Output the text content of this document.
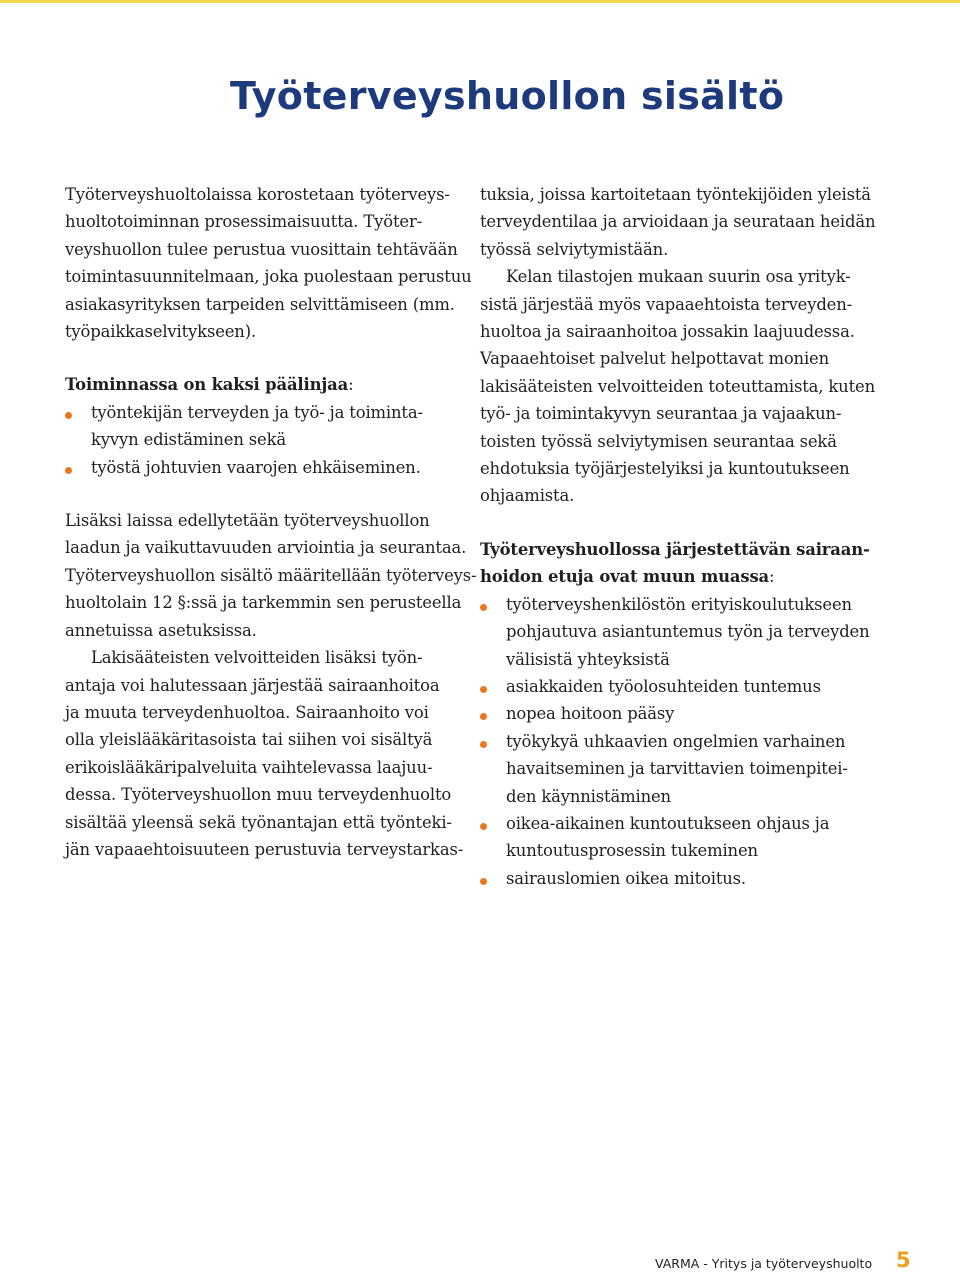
Työterveyshuollon sisältö
Työterveyshuoltolaissa korostetaan työterveys-
huoltotoiminnan prosessimaisuutta. Työter-
veyshuollon tulee perustua vuosittain tehtävään
toimintasuunnitelmaan, joka puolestaan perustuu
asiakasyrityksen tarpeiden selvittämiseen (mm.
työpaikkaselvitykseen).
Toiminnassa on kaksi päälinjaa:
työntekijän terveyden ja työ- ja toiminta-
kyvyn edistäminen sekä
työstä johtuvien vaarojen ehkäiseminen.
Lisäksi laissa edellytetään työterveyshuollon
laadun ja vaikuttavuuden arviointia ja seurantaa.
Työterveyshuollon sisältö määritellään työterveys-
huoltolain 12 §:ssä ja tarkemmin sen perusteella
annetuissa asetuksissa.
Lakisääteisten velvoitteiden lisäksi työn-
antaja voi halutessaan järjestää sairaanhoitoa
ja muuta terveydenhuoltoa. Sairaanhoito voi
olla yleislääkäritasoista tai siihen voi sisältyä
erikoislääkäripalveluita vaihtelevassa laajuu-
dessa. Työterveyshuollon muu terveydenhuolto
sisältää yleensä sekä työnantajan että työnteki-
jän vapaaehtoisuuteen perustuvia terveystarkas-
tuksia, joissa kartoitetaan työntekijöiden yleistä
terveydentilaa ja arvioidaan ja seurataan heidän
työssä selviytymistään.
Kelan tilastojen mukaan suurin osa yrityk-
sistä järjestää myös vapaaehtoista terveyden-
huoltoa ja sairaanhoitoa jossakin laajuudessa.
Vapaaehtoiset palvelut helpottavat monien
lakisääteisten velvoitteiden toteuttamista, kuten
työ- ja toimintakyvyn seurantaa ja vajaakun-
toisten työssä selviytymisen seurantaa sekä
ehdotuksia työjärjestelyiksi ja kuntoutukseen
ohjaamista.
Työterveyshuollossa järjestettävän sairaan-
hoidon etuja ovat muun muassa:
työterveyshenkilöstön erityiskoulutukseen
pohjautuva asiantuntemus työn ja terveyden
välisistä yhteyksistä
asiakkaiden työolosuhteiden tuntemus
nopea hoitoon pääsy
työkykyä uhkaavien ongelmien varhainen
havaitseminen ja tarvittavien toimenpitei-
den käynnistäminen
oikea-aikainen kuntoutukseen ohjaus ja
kuntoutusprosessin tukeminen
sairauslomien oikea mitoitus.
VARMA - Yritys ja työterveyshuolto 5
